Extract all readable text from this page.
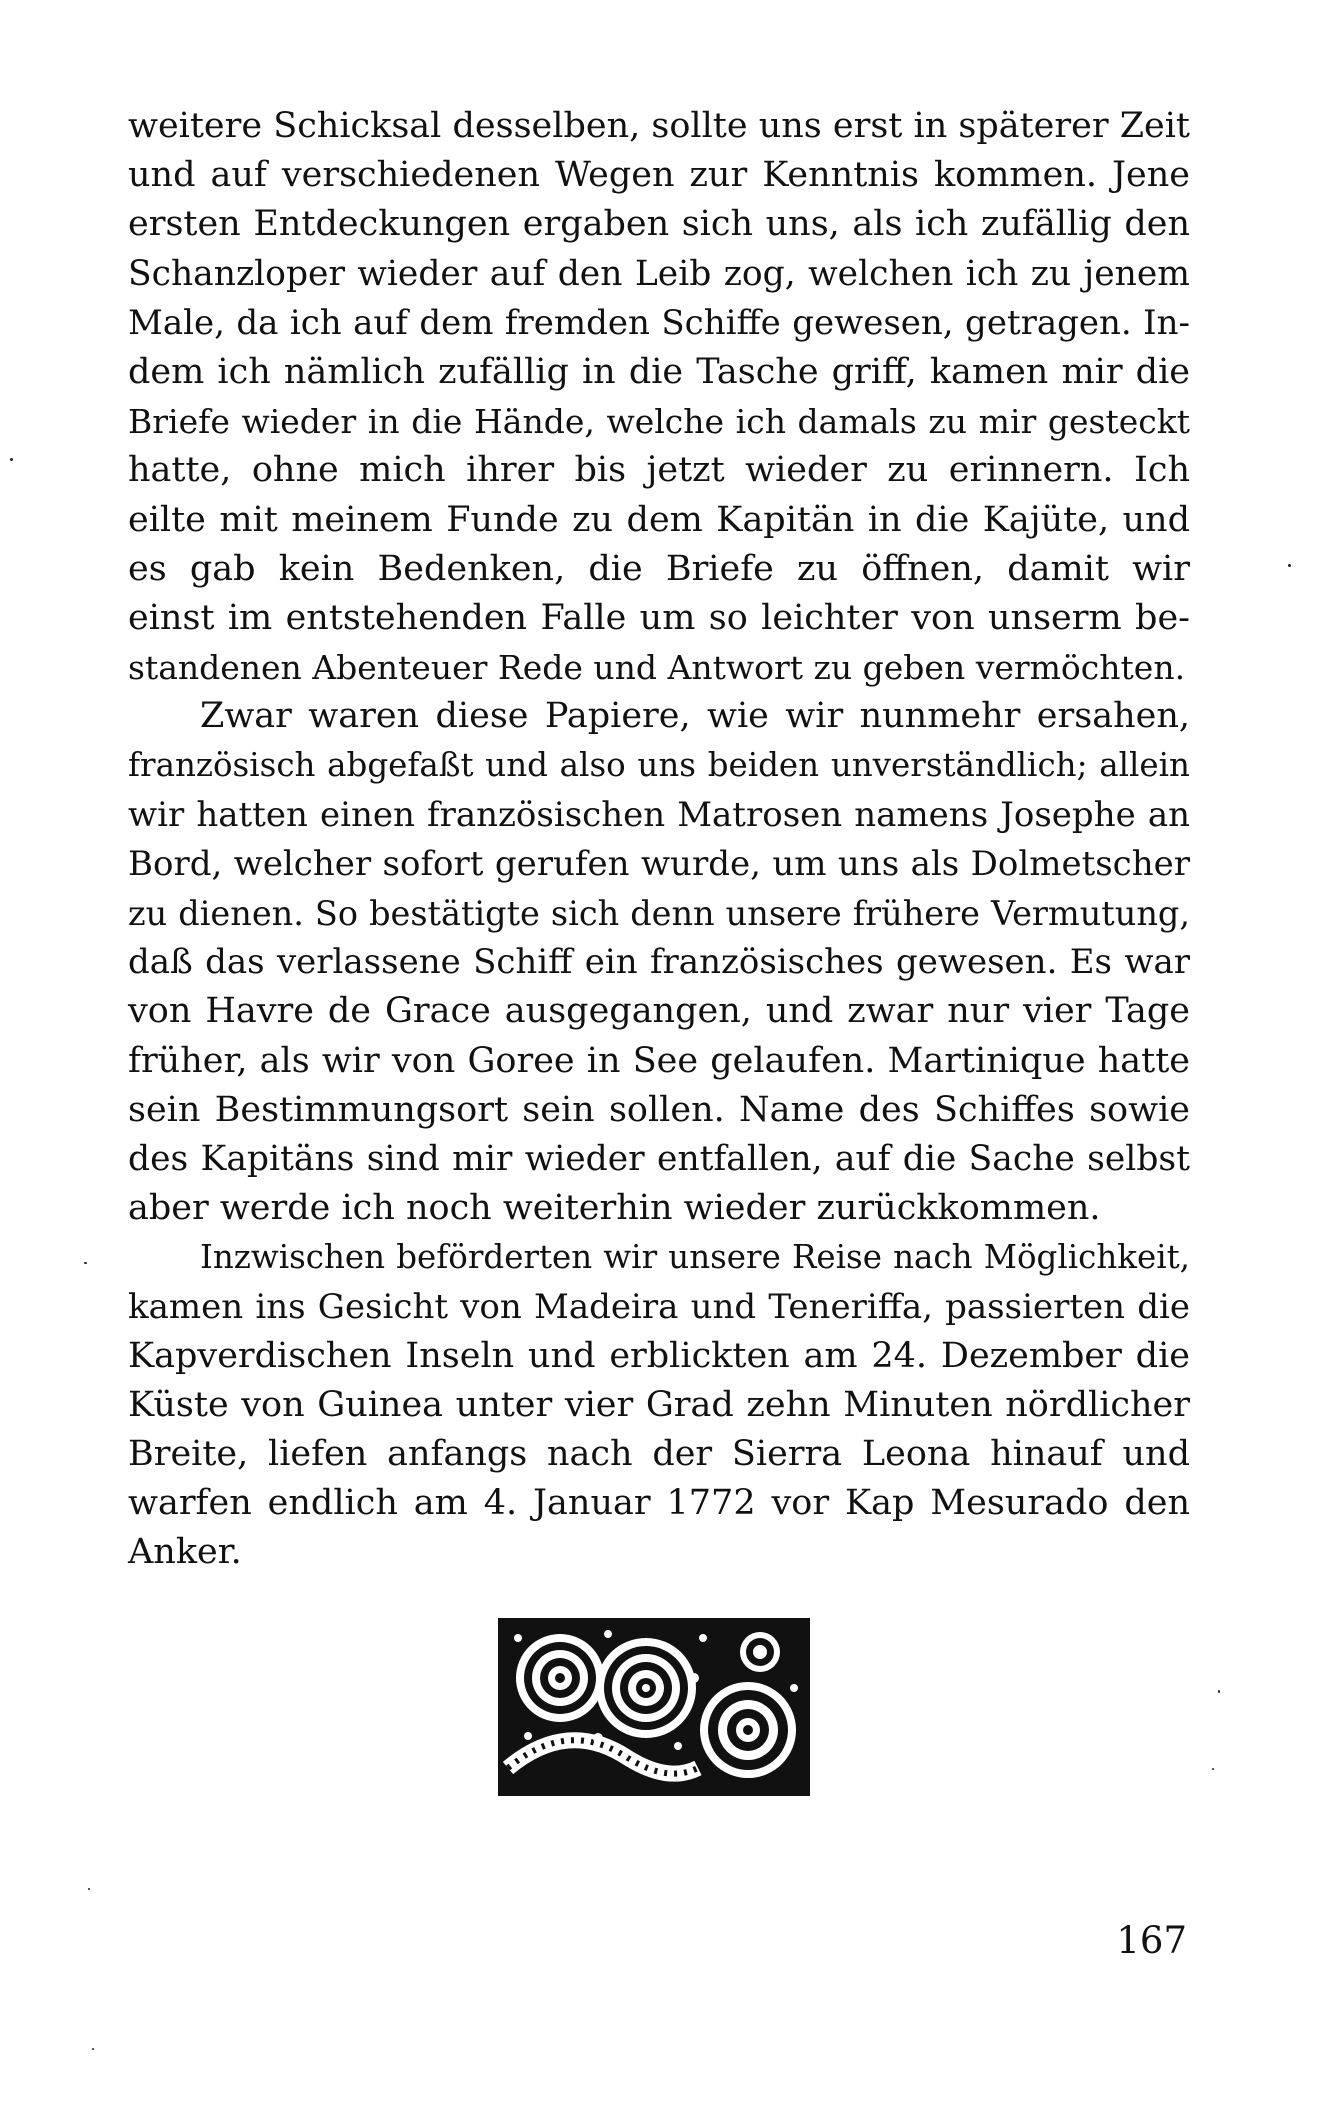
weitere Schicksal desselben, sollte uns erst in späterer Zeit
und auf verschiedenen Wegen zur Kenntnis kommen. Jene
ersten Entdeckungen ergaben sich uns, als ich zufällig den
Schanzloper wieder auf den Leib zog, welchen ich zu jenem
Male, da ich auf dem fremden Schiffe gewesen, getragen. In-
dem ich nämlich zufällig in die Tasche griff, kamen mir die
Briefe wieder in die Hände, welche ich damals zu mir gesteckt
hatte, ohne mich ihrer bis jetzt wieder zu erinnern. Ich
eilte mit meinem Funde zu dem Kapitän in die Kajüte, und
es gab kein Bedenken, die Briefe zu öffnen, damit wir
einst im entstehenden Falle um so leichter von unserm be-
standenen Abenteuer Rede und Antwort zu geben vermöchten.
Zwar waren diese Papiere, wie wir nunmehr ersahen,
französisch abgefaßt und also uns beiden unverständlich; allein
wir hatten einen französischen Matrosen namens Josephe an
Bord, welcher sofort gerufen wurde, um uns als Dolmetscher
zu dienen. So bestätigte sich denn unsere frühere Vermutung,
daß das verlassene Schiff ein französisches gewesen. Es war
von Havre de Grace ausgegangen, und zwar nur vier Tage
früher, als wir von Goree in See gelaufen. Martinique hatte
sein Bestimmungsort sein sollen. Name des Schiffes sowie
des Kapitäns sind mir wieder entfallen, auf die Sache selbst
aber werde ich noch weiterhin wieder zurückkommen.
Inzwischen beförderten wir unsere Reise nach Möglichkeit,
kamen ins Gesicht von Madeira und Teneriffa, passierten die
Kapverdischen Inseln und erblickten am 24. Dezember die
Küste von Guinea unter vier Grad zehn Minuten nördlicher
Breite, liefen anfangs nach der Sierra Leona hinauf und
warfen endlich am 4. Januar 1772 vor Kap Mesurado den
Anker.
167
